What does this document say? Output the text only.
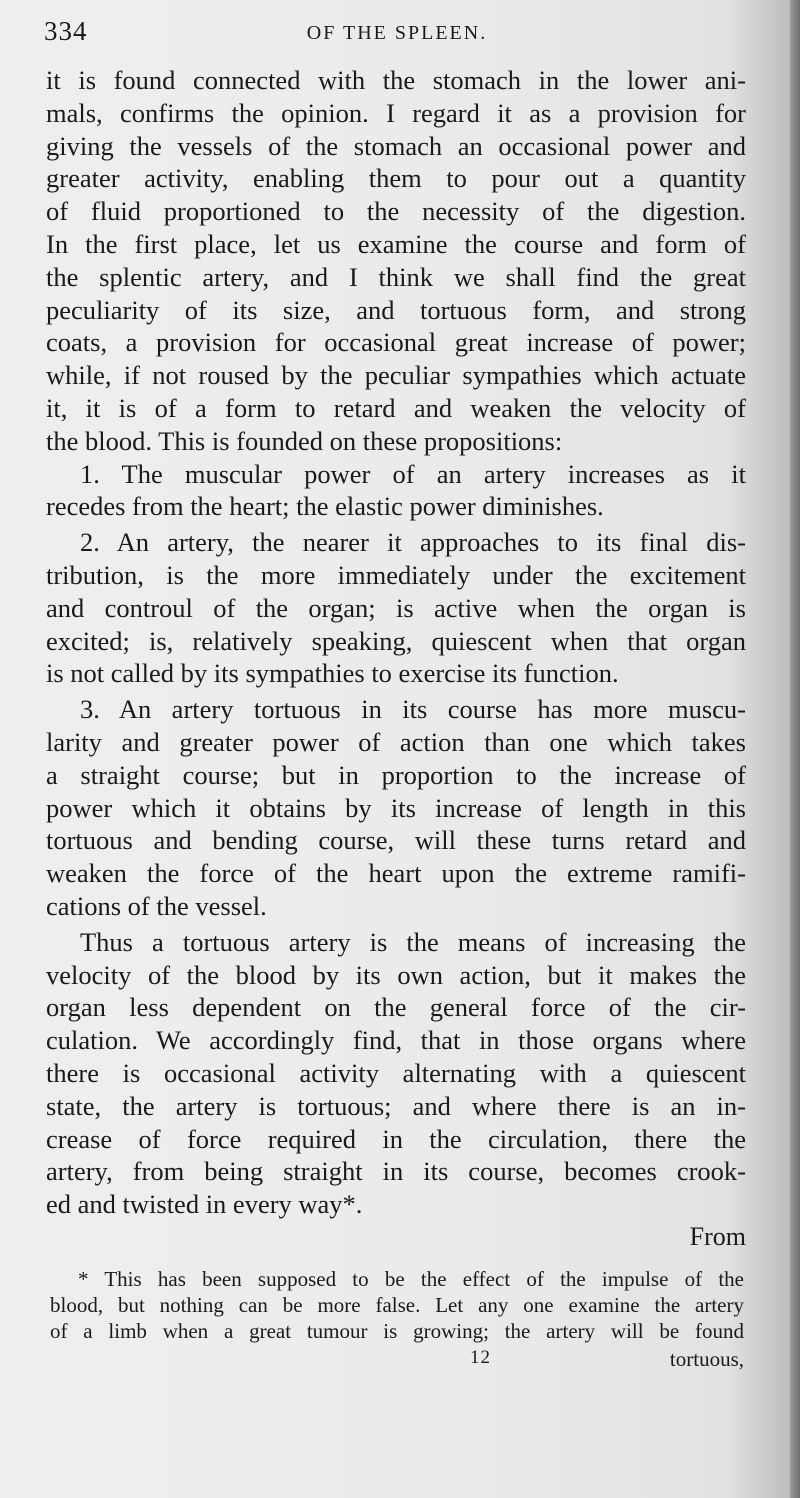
334	OF THE SPLEEN.
it is found connected with the stomach in the lower ani-
mals, confirms the opinion. I regard it as a provision for
giving the vessels of the stomach an occasional power and
greater activity, enabling them to pour out a quantity
of fluid proportioned to the necessity of the digestion.
In the first place, let us examine the course and form of
the splentic artery, and I think we shall find the great
peculiarity of its size, and tortuous form, and strong
coats, a provision for occasional great increase of power;
while, if not roused by the peculiar sympathies which actuate
it, it is of a form to retard and weaken the velocity of
the blood. This is founded on these propositions:
1. The muscular power of an artery increases as it
recedes from the heart; the elastic power diminishes.
2. An artery, the nearer it approaches to its final dis-
tribution, is the more immediately under the excitement
and controul of the organ; is active when the organ is
excited; is, relatively speaking, quiescent when that organ
is not called by its sympathies to exercise its function.
3. An artery tortuous in its course has more muscu-
larity and greater power of action than one which takes
a straight course; but in proportion to the increase of
power which it obtains by its increase of length in this
tortuous and bending course, will these turns retard and
weaken the force of the heart upon the extreme ramifi-
cations of the vessel.
Thus a tortuous artery is the means of increasing the
velocity of the blood by its own action, but it makes the
organ less dependent on the general force of the cir-
culation. We accordingly find, that in those organs where
there is occasional activity alternating with a quiescent
state, the artery is tortuous; and where there is an in-
crease of force required in the circulation, there the
artery, from being straight in its course, becomes crook-
ed and twisted in every way*.
From
* This has been supposed to be the effect of the impulse of the
blood, but nothing can be more false. Let any one examine the artery
of a limb when a great tumour is growing; the artery will be found
12	tortuous,
